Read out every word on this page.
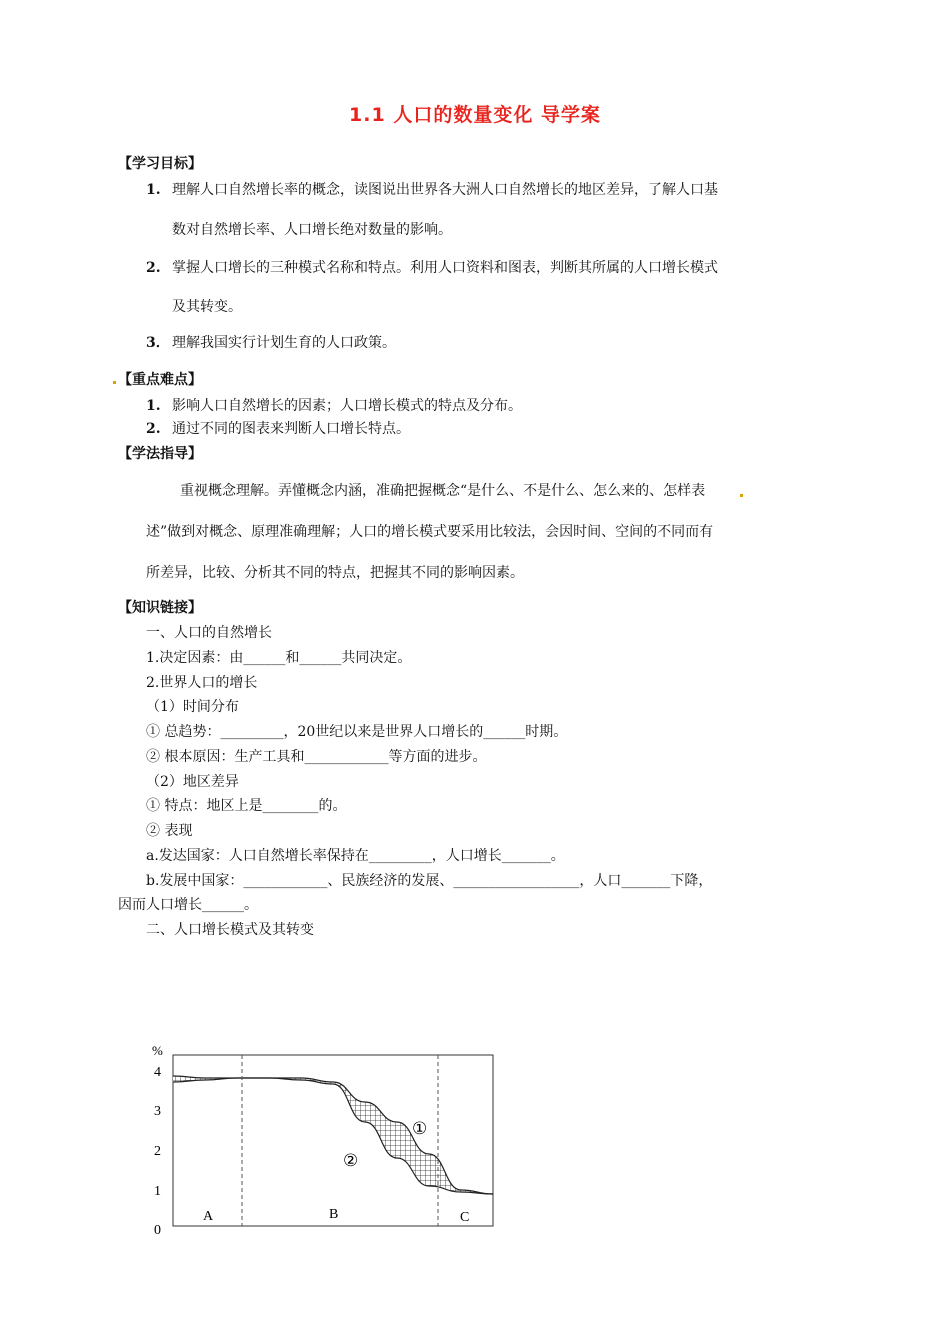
1.1 人口的数量变化 导学案
【学习目标】
1. 理解人口自然增长率的概念，读图说出世界各大洲人口自然增长的地区差异，了解人口基
数对自然增长率、人口增长绝对数量的影响。
2. 掌握人口增长的三种模式名称和特点。利用人口资料和图表，判断其所属的人口增长模式
及其转变。
3． 理解我国实行计划生育的人口政策。
【重点难点】
1. 影响人口自然增长的因素；人口增长模式的特点及分布。
2. 通过不同的图表来判断人口增长特点。
【学法指导】
重视概念理解。弄懂概念内涵，准确把握概念“是什么、不是什么、怎么来的、怎样表
述”做到对概念、原理准确理解；人口的增长模式要采用比较法，会因时间、空间的不同而有
所差异，比较、分析其不同的特点，把握其不同的影响因素。
【知识链接】
一、人口的自然增长
1.决定因素：由______和______共同决定。
2.世界人口的增长
（1）时间分布
① 总趋势：_________，20世纪以来是世界人口增长的______时期。
② 根本原因：生产工具和____________等方面的进步。
（2）地区差异
① 特点：地区上是________的。
② 表现
a.发达国家：人口自然增长率保持在_________，人口增长_______。
b.发展中国家：____________、民族经济的发展、__________________，人口_______下降，
因而人口增长______。
二、人口增长模式及其转变
%
4
3
2
1
0
A	B	C
①
②
